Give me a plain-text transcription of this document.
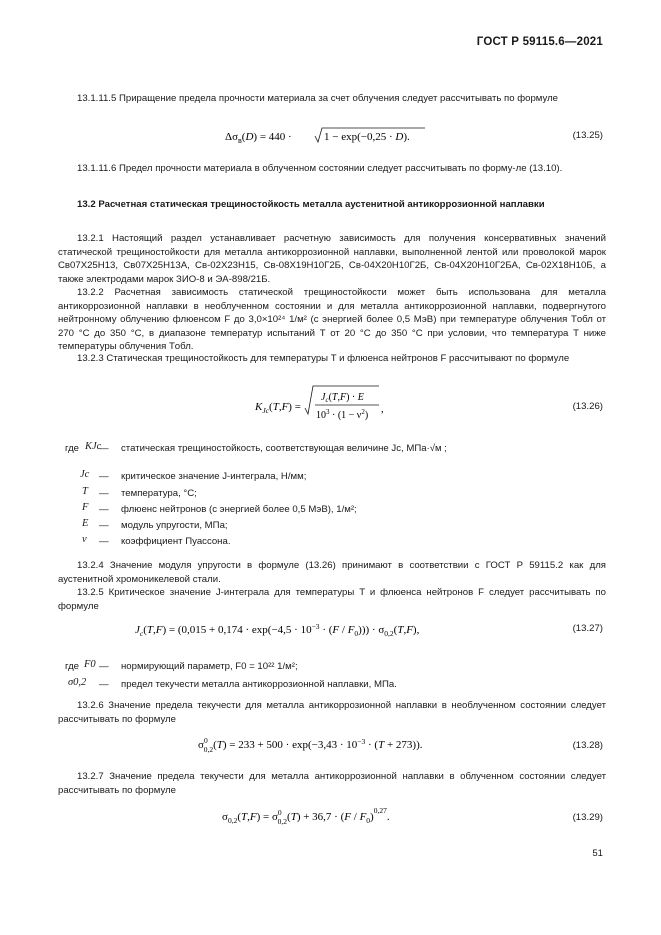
ГОСТ Р 59115.6—2021
13.1.11.5 Приращение предела прочности материала за счет облучения следует рассчитывать по формуле
$\Delta\sigma_в(D) = 440$ ·	1 − exp(−0,25 · D).	(13.25)
13.1.11.6 Предел прочности материала в облученном состоянии следует рассчитывать по форму-ле (13.10).
13.2 Расчетная статическая трещиностойкость металла аустенитной антикоррозионной наплавки
13.2.1 Настоящий раздел устанавливает расчетную зависимость для получения консервативных значений статической трещиностойкости для металла антикоррозионной наплавки, выполненной лентой или проволокой марок Св07Х25Н13, Св07Х25Н13А, Св-02Х23Н15, Св-08Х19Н10Г2Б, Св-04Х20Н10Г2Б, Св-04Х20Н10Г2БА, Св-02Х18Н10Б, а также электродами марок ЗИО-8 и ЭА-898/21Б.
13.2.2 Расчетная зависимость статической трещиностойкости может быть использована для металла антикоррозионной наплавки в необлученном состоянии и для металла антикоррозионной наплавки, подвергнутого нейтронному облучению флюенсом F до 3,0×10²⁴ 1/м² (с энергией более 0,5 МэВ) при температуре облучения Tобл от 270 °С до 350 °С, в диапазоне температур испытаний T от 20 °С до 350 °С при условии, что температура T ниже температуры облучения Tобл.
13.2.3 Статическая трещиностойкость для температуры T и флюенса нейтронов F рассчитывают по формуле
$K_{Jc}(T,F)$ =
$J_c(T,F) \cdot E$
$10^3 \cdot (1 - \nu^2)$
,	(13.26)
где KJc
— статическая трещиностойкость, соответствующая величине Jc, МПа·√м ;
Jc — критическое значение J-интеграла, Н/мм;
T — температура, °С;
F — флюенс нейтронов (с энергией более 0,5 МэВ), 1/м²;
E — модуль упругости, МПа;
ν — коэффициент Пуассона.
13.2.4 Значение модуля упругости в формуле (13.26) принимают в соответствии с ГОСТ Р 59115.2 как для аустенитной хромоникелевой стали.
13.2.5 Критическое значение J-интеграла для температуры T и флюенса нейтронов F следует рассчитывать по формуле
$J_c(T,F) = (0,015 + 0,174 \cdot \exp(-4,5 \cdot 10^{-3} \cdot (F / F_0))) \cdot \sigma_{0,2}(T,F)$,	(13.27)
где F0 — нормирующий параметр, F0 = 10²² 1/м²;
σ0,2 — предел текучести металла антикоррозионной наплавки, МПа.
13.2.6 Значение предела текучести для металла антикоррозионной наплавки в необлученном состоянии следует рассчитывать по формуле
$\sigma^0$ $0,2(T) = 233 + 500 \cdot \exp(-3,43 \cdot 10^{-3} \cdot (T + 273))$.	(13.28)
13.2.7 Значение предела текучести для металла антикоррозионной наплавки в облученном состоянии следует рассчитывать по формуле
$\sigma_{0,2}(T,F) = \sigma^0$ $0,2(T) + 36,7 \cdot (F / F_0)^{0,27}$.	(13.29)
51
